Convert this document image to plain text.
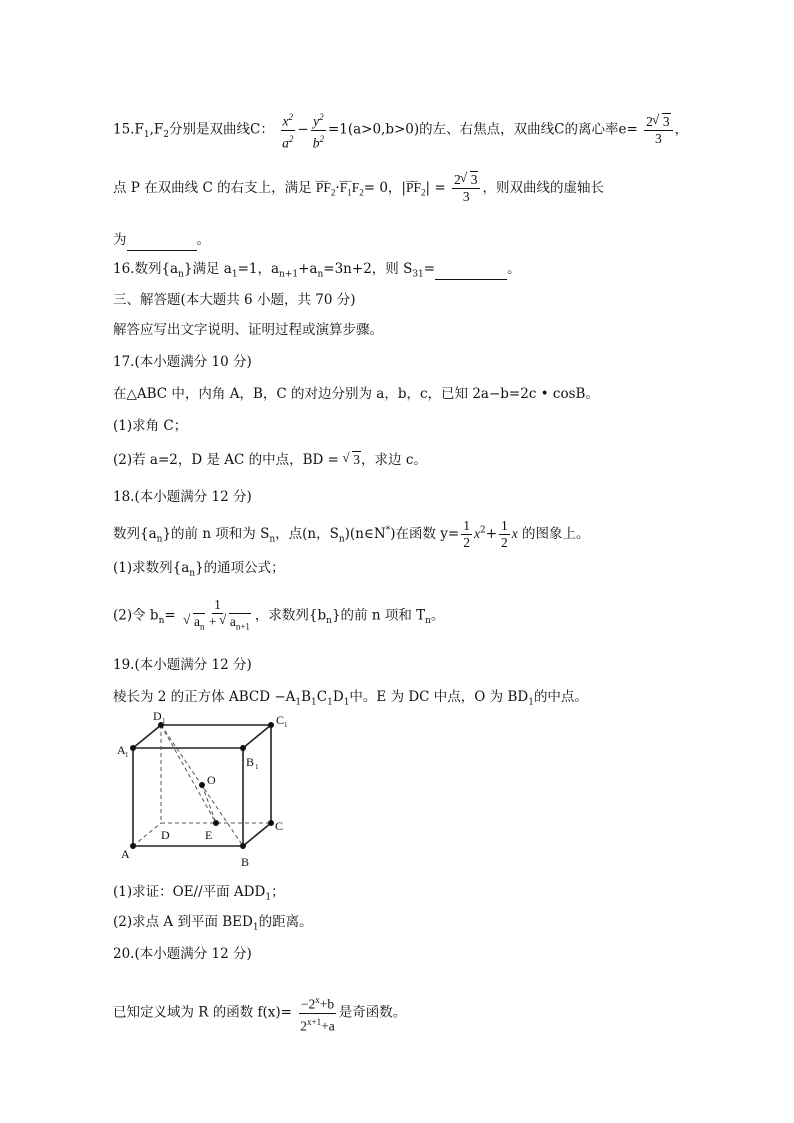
$15.F_1,F_2$分别是双曲线C： $\frac{x^2}{a^2} - \frac{y^2}{b^2} =1(a>0,b>0)$的左、右焦点，双曲线C的离心率$e= \frac{2 √ 3}{3}$ ，
点 P 在双曲线 C 的右支上，满足 ‿‿ $PF_2\cdot‿‿$ $F_1F_2= 0$，|‿‿ $PF_2| = \frac{2 √ 3}{3}$ ，则双曲线的虚轴长
为	。
16.数列$\{a_n\}$满足 $a_1=1$，$a_{n+1}+a_n=3n+2$，则 $S_{31}=$	。
三、解答题(本大题共 6 小题，共 70 分)
解答应写出文字说明、证明过程或演算步骤。
17.(本小题满分 10 分)
在△ABC 中，内角 A，B，C 的对边分别为 a，b，c，已知 2a−b=2c • cosB。
(1)求角 C；
(2)若 a=2，D 是 AC 的中点，BD = √ 3，求边 c。
18.(本小题满分 12 分)
数列$\{a_n\}$的前 n 项和为 $S_n$，点(n，$S_n)(n\in N^*)$在函数 $y= \frac{1}{2} x^2+ \frac{1}{2}$ x 的图象上。
(1)求数列$\{a_n\}$的通项公式；
(2)令 $b_n= 1$
√ $a_n$ + √ $a_{n+1}$ ，求数列$\{b_n\}$的前 n 项和 $T_n$。
19.(本小题满分 12 分)
棱长为 2 的正方体 ABCD $-A_1B_1C_1D_1$中。E 为 DC 中点，O 为 $BD_1$的中点。
D 1	C 1
A 1	B 1
O
D	E
C
A
B
(1)求证：OE//平面 $ADD_1$；
(2)求点 A 到平面 $BED_1$的距离。
20.(本小题满分 12 分)
已知定义域为 R 的函数 $f(x)= \frac{-2^x+b}{2^{x+1}+a}$ 是奇函数。
